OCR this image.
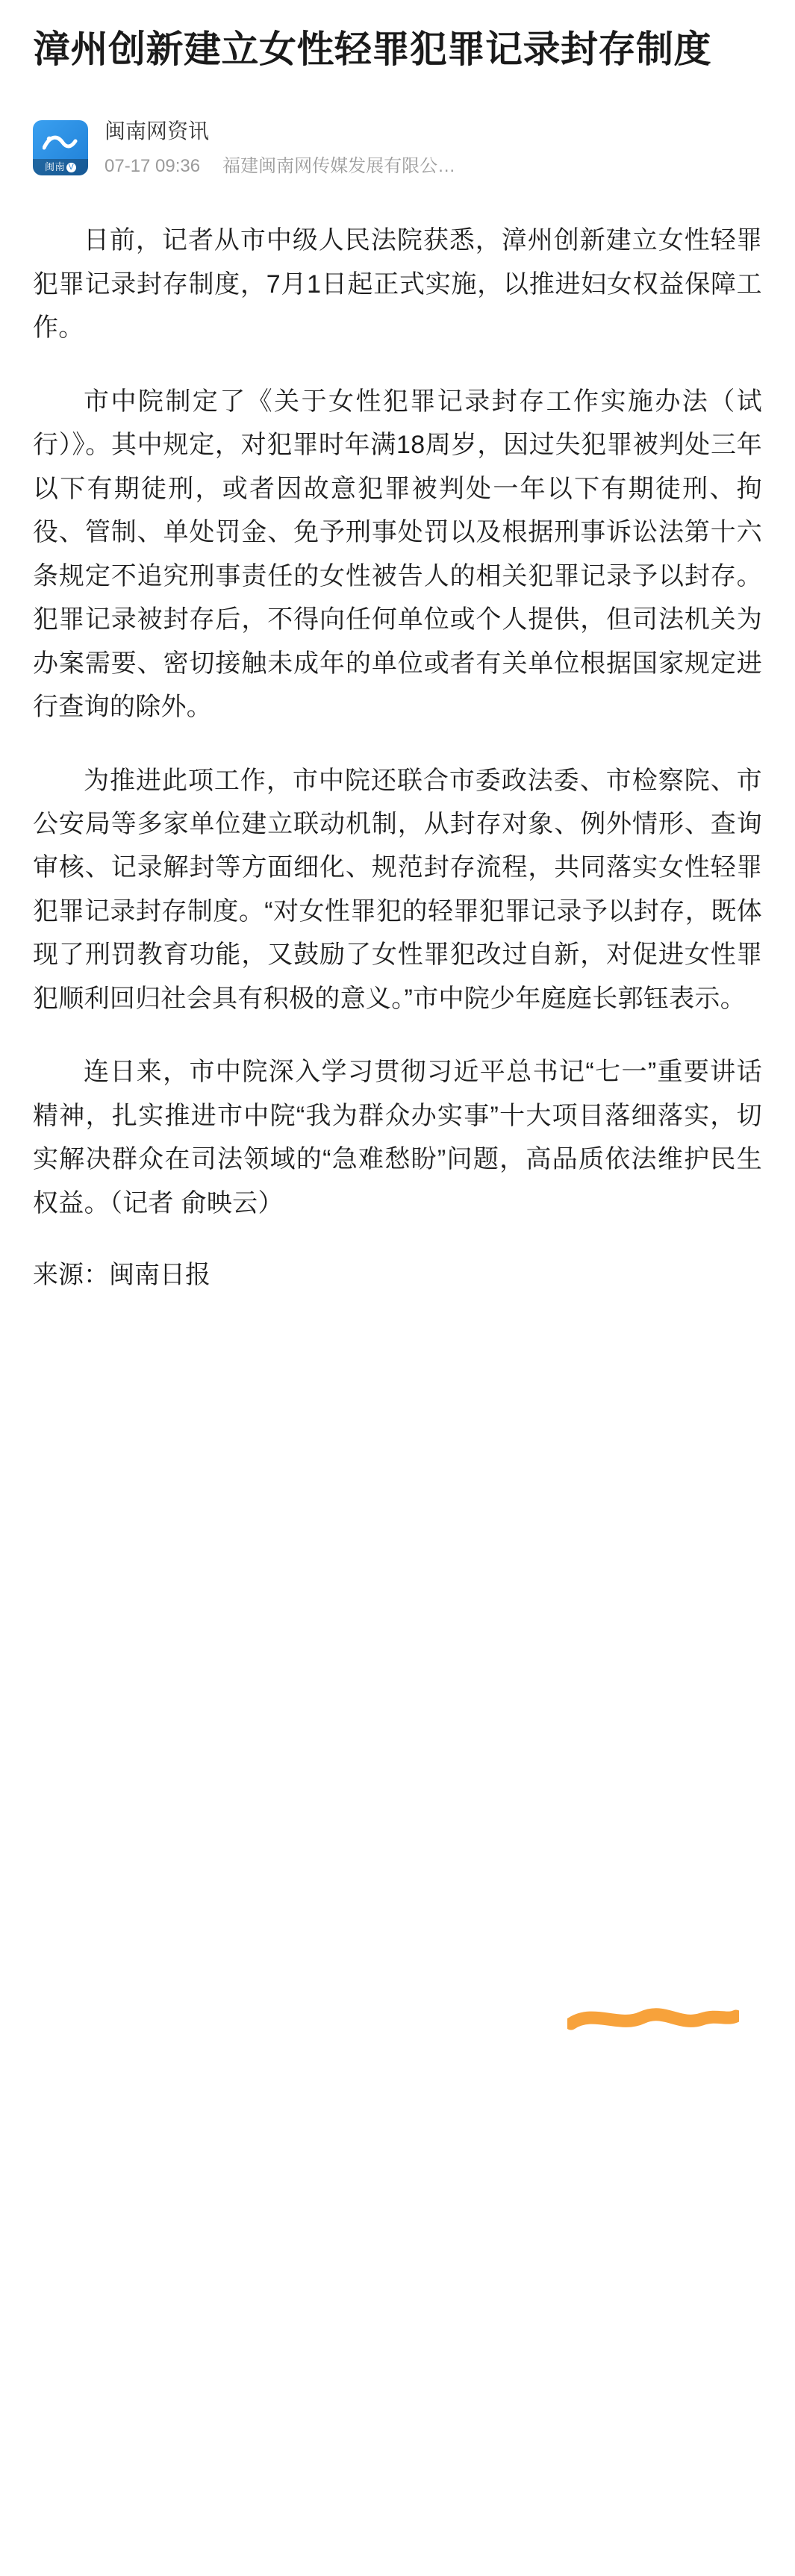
漳州创新建立女性轻罪犯罪记录封存制度
闽南 V
闽南网资讯
07-17 09:36 福建闽南网传媒发展有限公…

日前，记者从市中级人民法院获悉，漳州创新建立女性轻罪犯罪记录封存制度，7月1日起正式实施，以推进妇女权益保障工作。

市中院制定了《关于女性犯罪记录封存工作实施办法（试行）》。其中规定，对犯罪时年满18周岁，因过失犯罪被判处三年以下有期徒刑，或者因故意犯罪被判处一年以下有期徒刑、拘役、管制、单处罚金、免予刑事处罚以及根据刑事诉讼法第十六条规定不追究刑事责任的女性被告人的相关犯罪记录予以封存。犯罪记录被封存后，不得向任何单位或个人提供，但司法机关为办案需要、密切接触未成年的单位或者有关单位根据国家规定进行查询的除外。

为推进此项工作，市中院还联合市委政法委、市检察院、市公安局等多家单位建立联动机制，从封存对象、例外情形、查询审核、记录解封等方面细化、规范封存流程，共同落实女性轻罪犯罪记录封存制度。“对女性罪犯的轻罪犯罪记录予以封存，既体现了刑罚教育功能，又鼓励了女性罪犯改过自新，对促进女性罪犯顺利回归社会具有积极的意义。”市中院少年庭庭长郭钰表示。

连日来，市中院深入学习贯彻习近平总书记“七一”重要讲话精神，扎实推进市中院“我为群众办实事”十大项目落细落实，切实解决群众在司法领域的“急难愁盼”问题，高品质依法维护民生权益。（记者 俞映云）

来源：闽南日报
